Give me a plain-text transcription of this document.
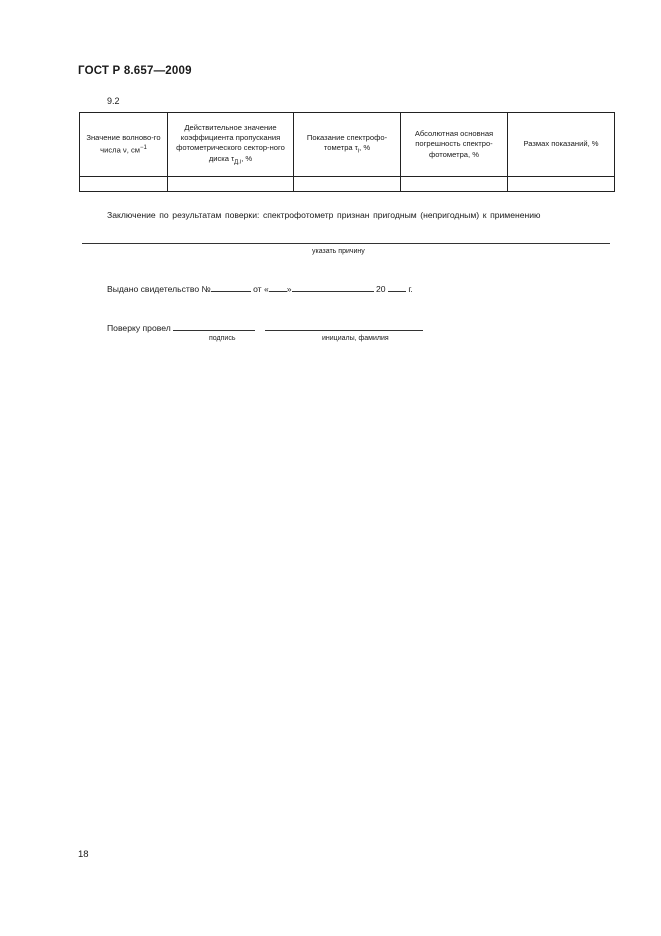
ГОСТ Р 8.657—2009
9.2
Значение волново-го числа ν, $см^{-1}$	Действительное значение коэффициента пропускания фотометрического сектор-ного диска $\tau_{Д.i}$, %	Показание спектрофо-тометра $\tau_i$, %	Абсолютная основная погрешность спектро-фотометра, %	Размах показаний, %

Заключение по результатам поверки: спектрофотометр признан пригодным (непригодным) к применению
указать причину
Выдано свидетельство №	от « »	20	г.
Поверку провел
подпись	инициалы, фамилия
18
